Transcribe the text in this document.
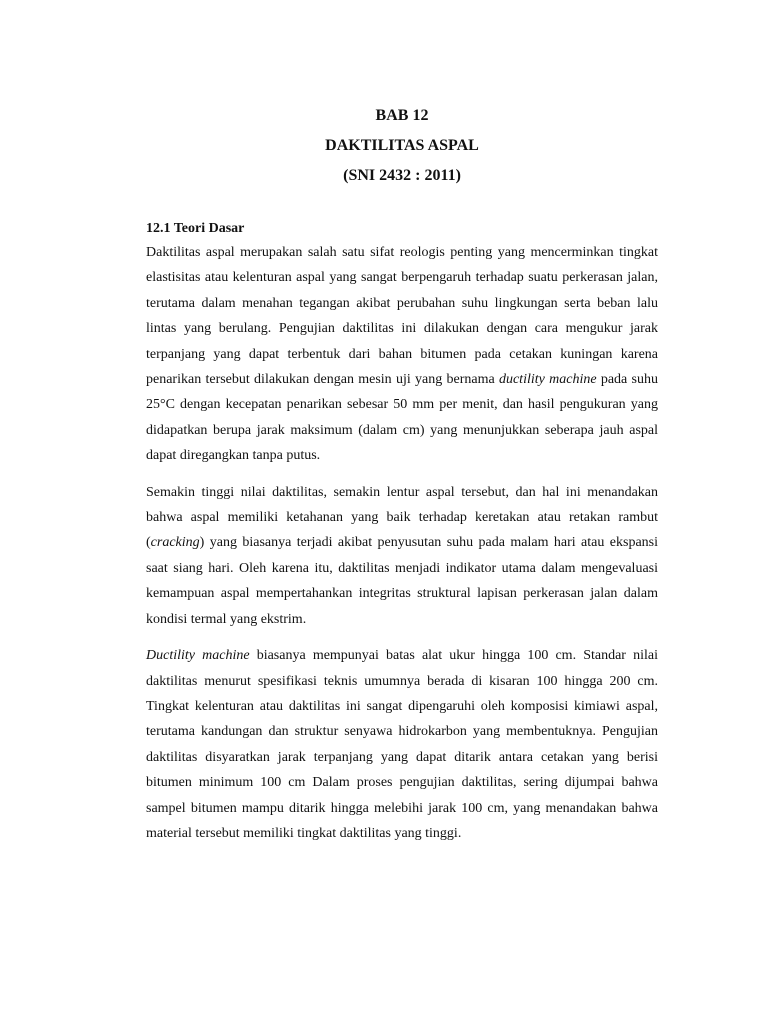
BAB 12
DAKTILITAS ASPAL
(SNI 2432 : 2011)

12.1 Teori Dasar

Daktilitas aspal merupakan salah satu sifat reologis penting yang mencerminkan tingkat elastisitas atau kelenturan aspal yang sangat berpengaruh terhadap suatu perkerasan jalan, terutama dalam menahan tegangan akibat perubahan suhu lingkungan serta beban lalu lintas yang berulang. Pengujian daktilitas ini dilakukan dengan cara mengukur jarak terpanjang yang dapat terbentuk dari bahan bitumen pada cetakan kuningan karena penarikan tersebut dilakukan dengan mesin uji yang bernama ductility machine pada suhu 25°C dengan kecepatan penarikan sebesar 50 mm per menit, dan hasil pengukuran yang didapatkan berupa jarak maksimum (dalam cm) yang menunjukkan seberapa jauh aspal dapat diregangkan tanpa putus.

Semakin tinggi nilai daktilitas, semakin lentur aspal tersebut, dan hal ini menandakan bahwa aspal memiliki ketahanan yang baik terhadap keretakan atau retakan rambut (cracking) yang biasanya terjadi akibat penyusutan suhu pada malam hari atau ekspansi saat siang hari. Oleh karena itu, daktilitas menjadi indikator utama dalam mengevaluasi kemampuan aspal mempertahankan integritas struktural lapisan perkerasan jalan dalam kondisi termal yang ekstrim.

Ductility machine biasanya mempunyai batas alat ukur hingga 100 cm. Standar nilai daktilitas menurut spesifikasi teknis umumnya berada di kisaran 100 hingga 200 cm. Tingkat kelenturan atau daktilitas ini sangat dipengaruhi oleh komposisi kimiawi aspal, terutama kandungan dan struktur senyawa hidrokarbon yang membentuknya. Pengujian daktilitas disyaratkan jarak terpanjang yang dapat ditarik antara cetakan yang berisi bitumen minimum 100 cm Dalam proses pengujian daktilitas, sering dijumpai bahwa sampel bitumen mampu ditarik hingga melebihi jarak 100 cm, yang menandakan bahwa material tersebut memiliki tingkat daktilitas yang tinggi.
